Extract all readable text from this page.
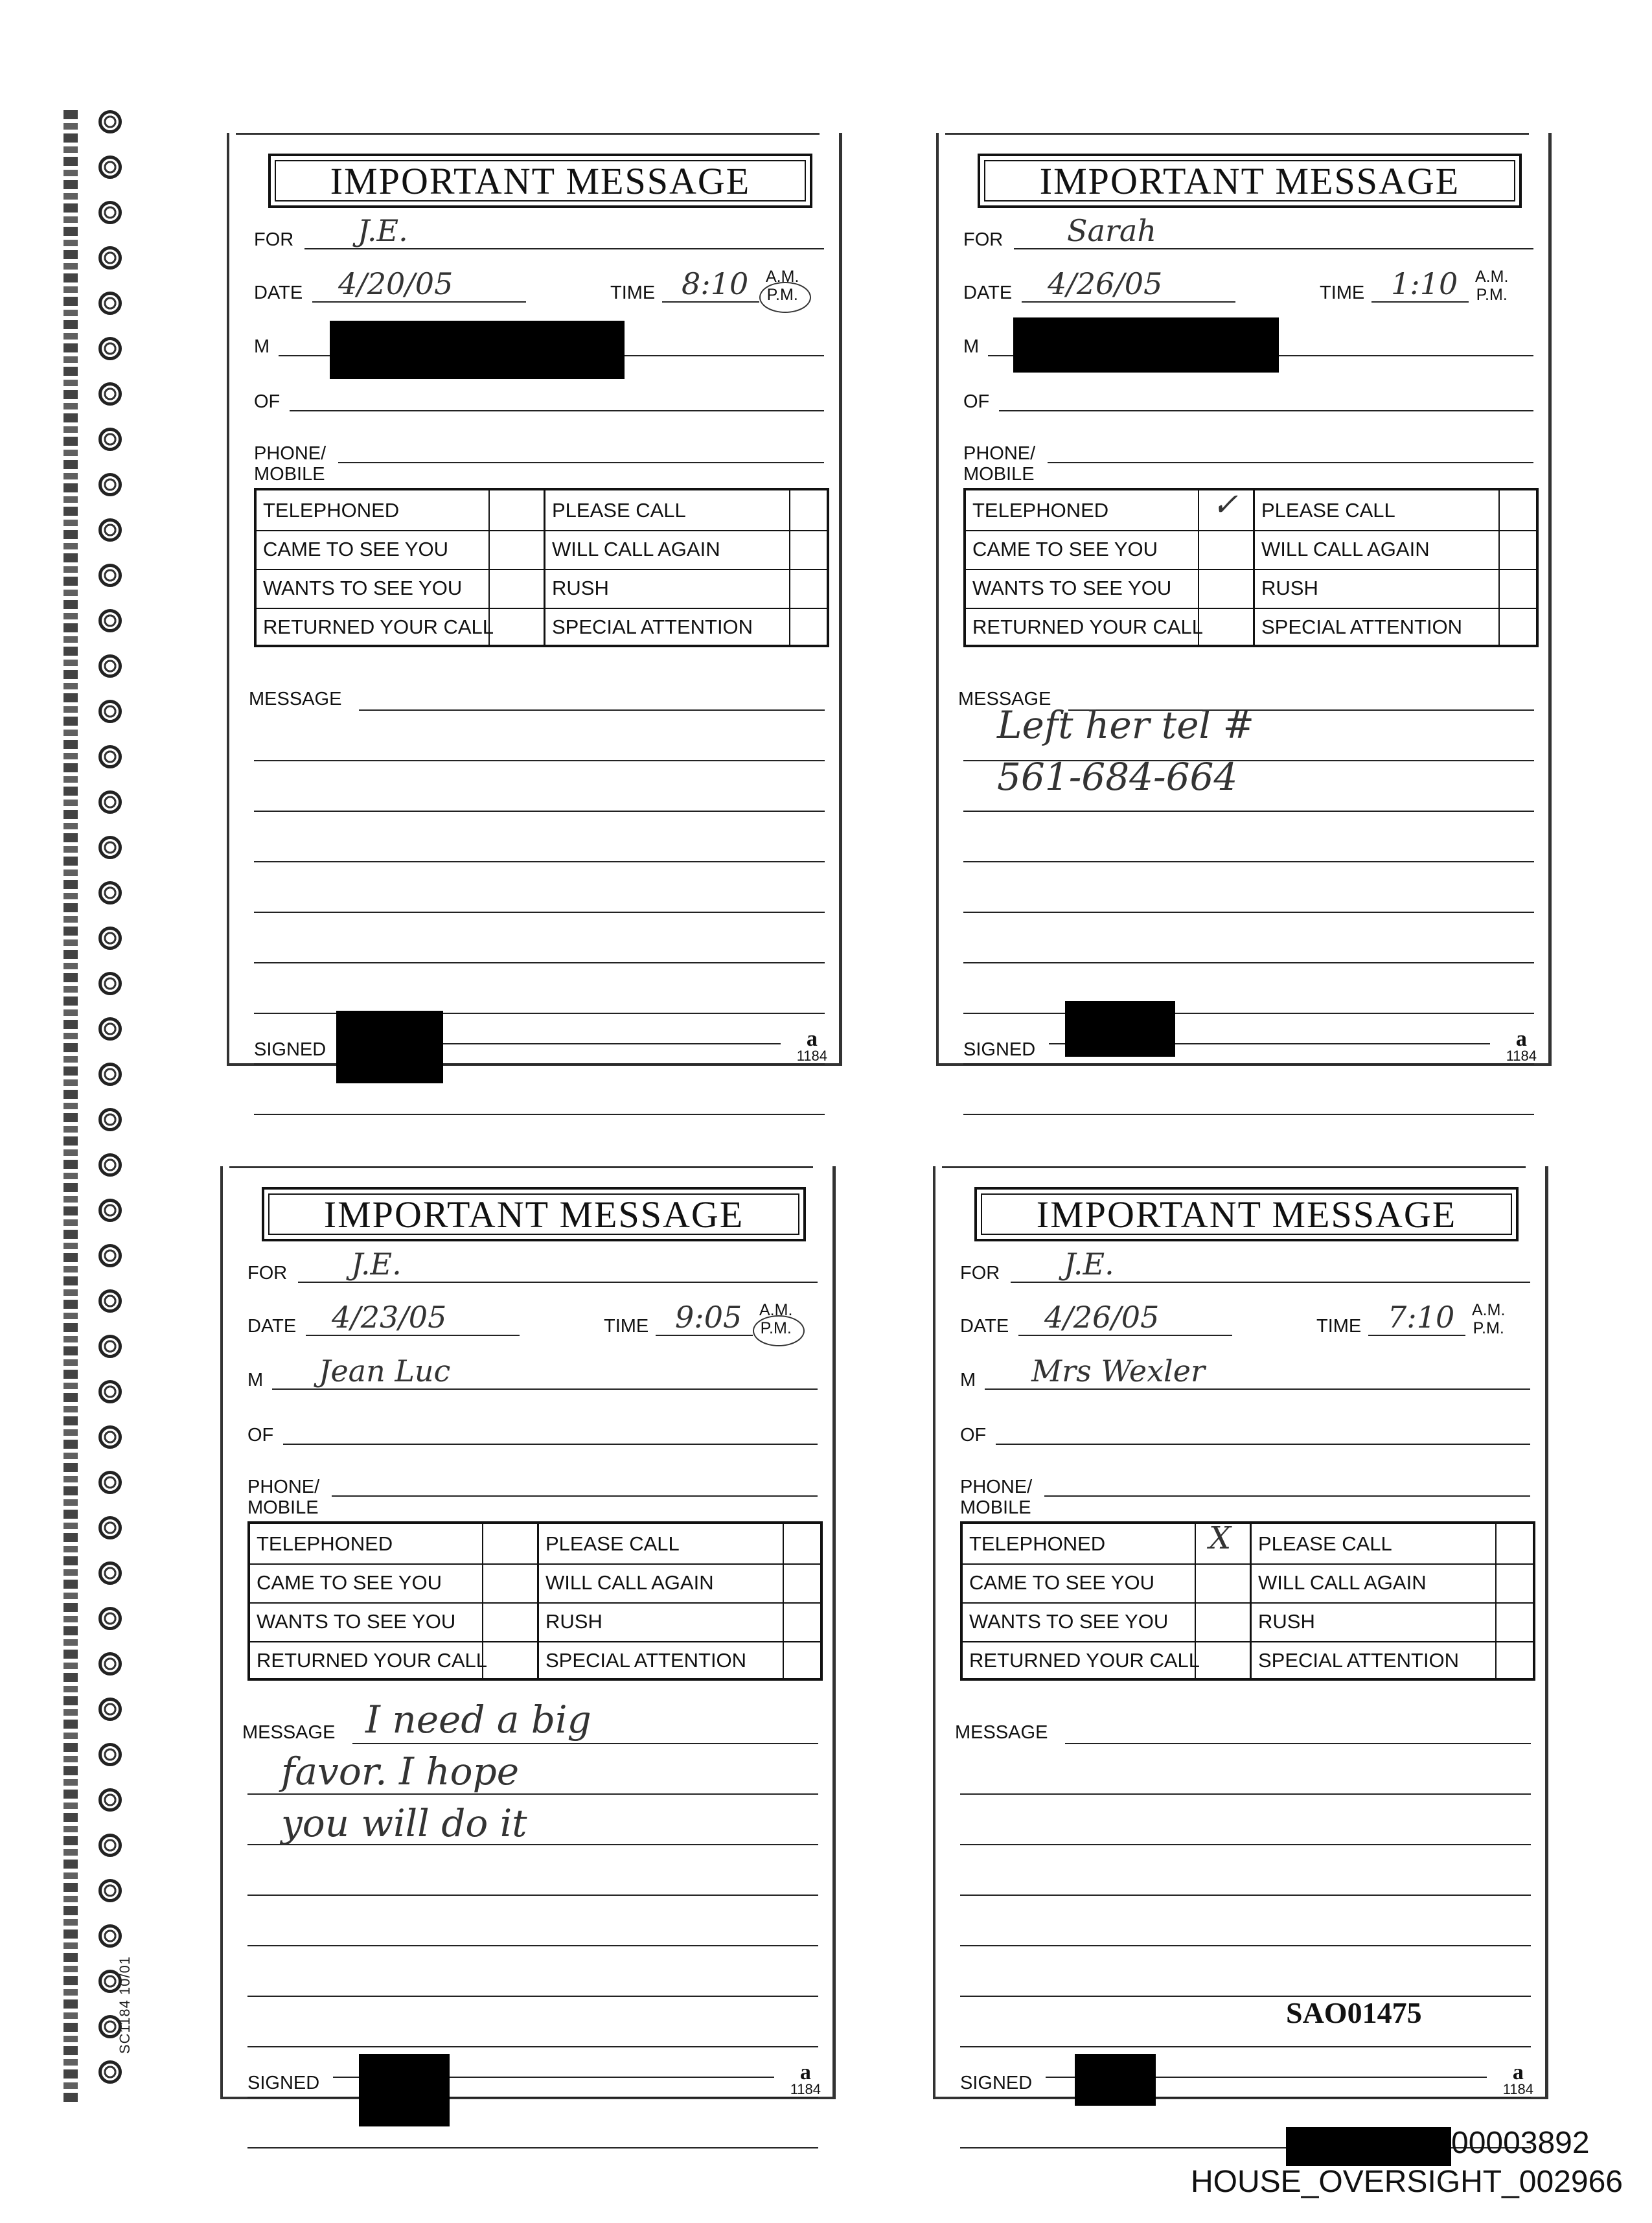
SC1184 10/01
IMPORTANT MESSAGE
FOR J.E.
DATE 4/20/05	TIME 8:10 A.M.
P.M.
M
OF
PHONE/
MOBILE
TELEPHONED	PLEASE CALL
CAME TO SEE YOU	WILL CALL AGAIN
WANTS TO SEE YOU	RUSH
RETURNED YOUR CALL	SPECIAL ATTENTION
MESSAGE
SIGNED	a
1184
IMPORTANT MESSAGE
FOR Sarah
DATE 4/26/05	TIME 1:10 A.M.
P.M.
M
OF
PHONE/
MOBILE
TELEPHONED	✓	PLEASE CALL
CAME TO SEE YOU	WILL CALL AGAIN
WANTS TO SEE YOU	RUSH
RETURNED YOUR CALL	SPECIAL ATTENTION
MESSAGE
Left her tel #
561-684-664
SIGNED	a
1184
IMPORTANT MESSAGE
FOR J.E.
DATE 4/23/05	TIME 9:05 A.M.
P.M.
M Jean Luc
OF
PHONE/
MOBILE
TELEPHONED	PLEASE CALL
CAME TO SEE YOU	WILL CALL AGAIN
WANTS TO SEE YOU	RUSH
RETURNED YOUR CALL	SPECIAL ATTENTION
MESSAGE I need a big
favor. I hope
you will do it
SIGNED	a
1184
IMPORTANT MESSAGE
FOR J.E.
DATE 4/26/05	TIME 7:10 A.M.
P.M.
M Mrs Wexler
OF
PHONE/
MOBILE
TELEPHONED	X	PLEASE CALL
CAME TO SEE YOU	WILL CALL AGAIN
WANTS TO SEE YOU	RUSH
RETURNED YOUR CALL	SPECIAL ATTENTION
MESSAGE
SIGNED	a
1184
SAO01475
00003892
HOUSE_OVERSIGHT_002966
